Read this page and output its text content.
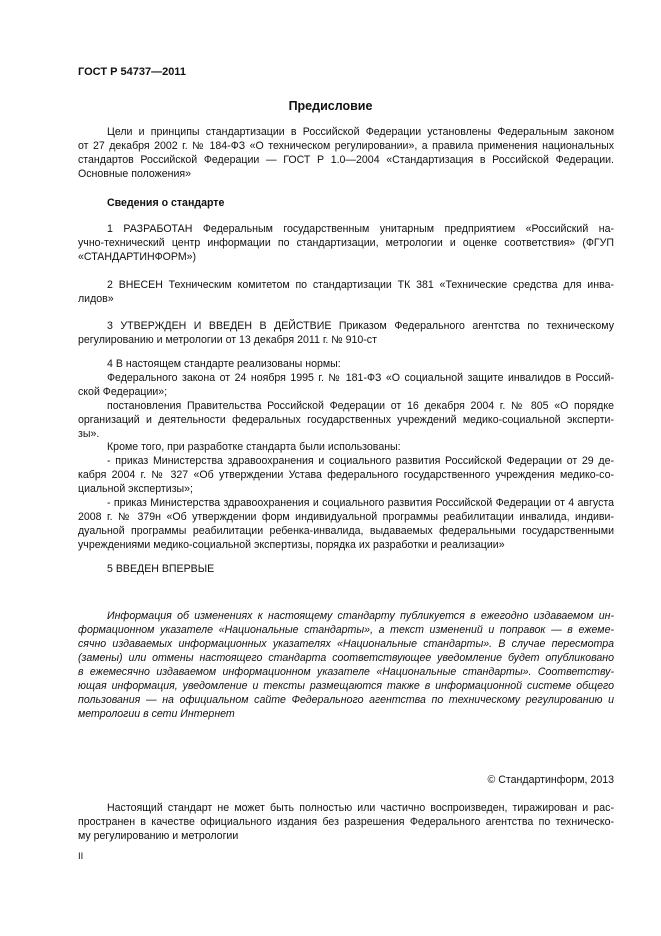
ГОСТ Р 54737—2011
Предисловие
Цели и принципы стандартизации в Российской Федерации установлены Федеральным законом
от 27 декабря 2002 г. № 184-ФЗ «О техническом регулировании», а правила применения национальных
стандартов Российской Федерации — ГОСТ Р 1.0—2004 «Стандартизация в Российской Федерации.
Основные положения»
Сведения о стандарте
1 РАЗРАБОТАН Федеральным государственным унитарным предприятием «Российский на-
учно-технический центр информации по стандартизации, метрологии и оценке соответствия» (ФГУП
«СТАНДАРТИНФОРМ»)
2 ВНЕСЕН Техническим комитетом по стандартизации ТК 381 «Технические средства для инва-
лидов»
3 УТВЕРЖДЕН И ВВЕДЕН В ДЕЙСТВИЕ Приказом Федерального агентства по техническому
регулированию и метрологии от 13 декабря 2011 г. № 910-ст
4 В настоящем стандарте реализованы нормы:
Федерального закона от 24 ноября 1995 г. № 181-ФЗ «О социальной защите инвалидов в Россий-
ской Федерации»;
постановления Правительства Российской Федерации от 16 декабря 2004 г. № 805 «О порядке
организаций и деятельности федеральных государственных учреждений медико-социальной эксперти-
зы».
Кроме того, при разработке стандарта были использованы:
- приказ Министерства здравоохранения и социального развития Российской Федерации от 29 де-
кабря 2004 г. № 327 «Об утверждении Устава федерального государственного учреждения медико-со-
циальной экспертизы»;
- приказ Министерства здравоохранения и социального развития Российской Федерации от 4 августа
2008 г. № 379н «Об утверждении форм индивидуальной программы реабилитации инвалида, индиви-
дуальной программы реабилитации ребенка-инвалида, выдаваемых федеральными государственными
учреждениями медико-социальной экспертизы, порядка их разработки и реализации»
5 ВВЕДЕН ВПЕРВЫЕ
Информация об изменениях к настоящему стандарту публикуется в ежегодно издаваемом ин-
формационном указателе «Национальные стандарты», а текст изменений и поправок — в ежеме-
сячно издаваемых информационных указателях «Национальные стандарты». В случае пересмотра
(замены) или отмены настоящего стандарта соответствующее уведомление будет опубликовано
в ежемесячно издаваемом информационном указателе «Национальные стандарты». Соответству-
ющая информация, уведомление и тексты размещаются также в информационной системе общего
пользования — на официальном сайте Федерального агентства по техническому регулированию и
метрологии в сети Интернет
© Стандартинформ, 2013
Настоящий стандарт не может быть полностью или частично воспроизведен, тиражирован и рас-
пространен в качестве официального издания без разрешения Федерального агентства по техническо-
му регулированию и метрологии
II
